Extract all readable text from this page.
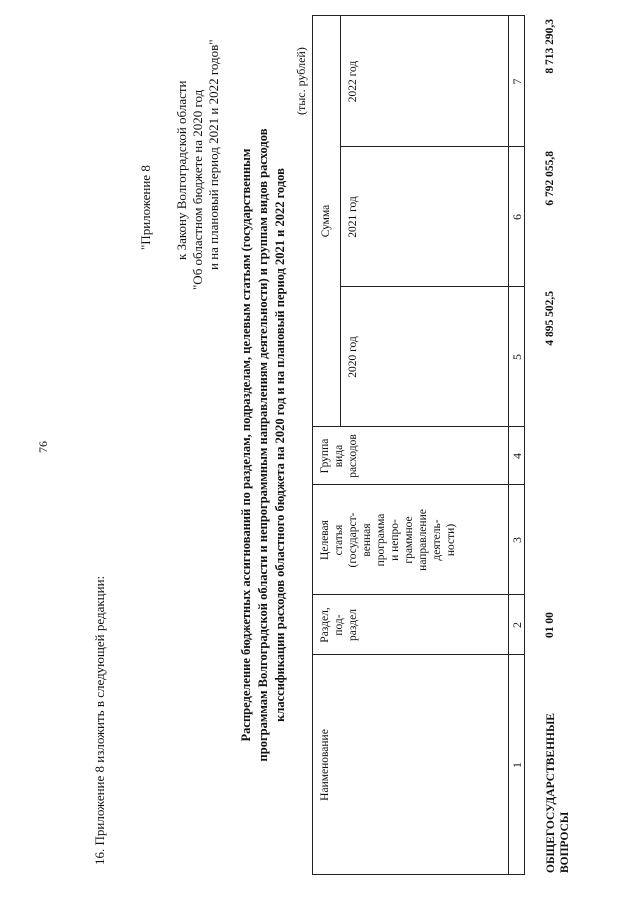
76
16. Приложение 8 изложить в следующей редакции:
"Приложение 8 к Закону Волгоградской области "Об областном бюджете на 2020 год и на плановый период 2021 и 2022 годов" Распределение бюджетных ассигнований по разделам, подразделам, целевым статьям (государственным программам Волгоградской области и непрограммным направлениям деятельности) и группам видов расходов классификации расходов областного бюджета на 2020 год и на плановый период 2021 и 2022 годов
(тыс. рублей)
Наименование
Раздел, под- раздел
Целевая статья (государст- венная программа и непро- граммное направление деятель- ности)
Группа вида расходов
Сумма
2020 год
2021 год
2022 год
1
2
3
4
5
6
7
ОБЩЕГОСУДАРСТВЕННЫЕ ВОПРОСЫ
01 00
4 895 502,5
6 792 055,8
8 713 290,3
